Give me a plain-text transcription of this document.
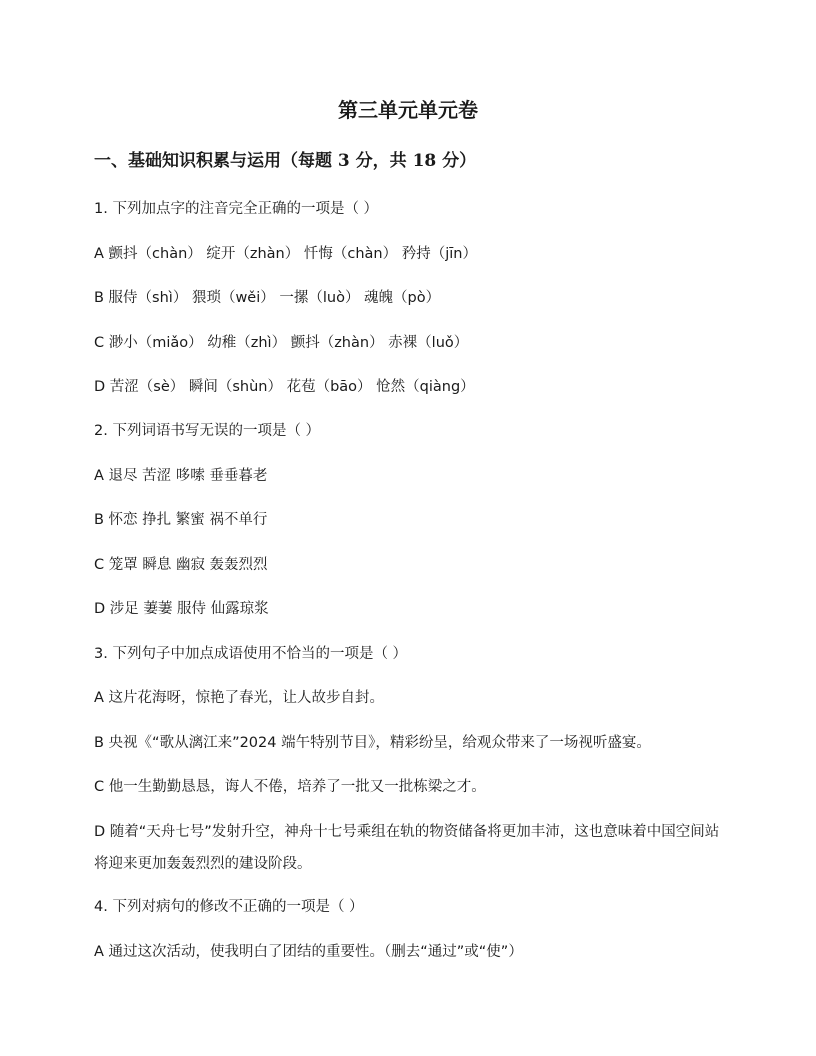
第三单元单元卷
一、基础知识积累与运用（每题 3 分，共 18 分）
1. 下列加点字的注音完全正确的一项是（ ）
A 颤抖（chàn） 绽开（zhàn） 忏悔（chàn） 矜持（jīn）
B 服侍（shì） 猥琐（wěi） 一摞（luò） 魂魄（pò）
C 渺小（miǎo） 幼稚（zhì） 颤抖（zhàn） 赤裸（luǒ）
D 苦涩（sè） 瞬间（shùn） 花苞（bāo） 怆然（qiàng）
2. 下列词语书写无误的一项是（ ）
A 退尽 苦涩 哆嗦 垂垂暮老
B 怀恋 挣扎 繁蜜 祸不单行
C 笼罩 瞬息 幽寂 轰轰烈烈
D 涉足 萋萋 服侍 仙露琼浆
3. 下列句子中加点成语使用不恰当的一项是（ ）
A 这片花海呀，惊艳了春光，让人故步自封。
B 央视《“歌从漓江来”2024 端午特别节目》，精彩纷呈，给观众带来了一场视听盛宴。
C 他一生勤勤恳恳，诲人不倦，培养了一批又一批栋梁之才。
D 随着“天舟七号”发射升空，神舟十七号乘组在轨的物资储备将更加丰沛，这也意味着中国空间站将迎来更加轰轰烈烈的建设阶段。
4. 下列对病句的修改不正确的一项是（ ）
A 通过这次活动，使我明白了团结的重要性。（删去“通过”或“使”）
